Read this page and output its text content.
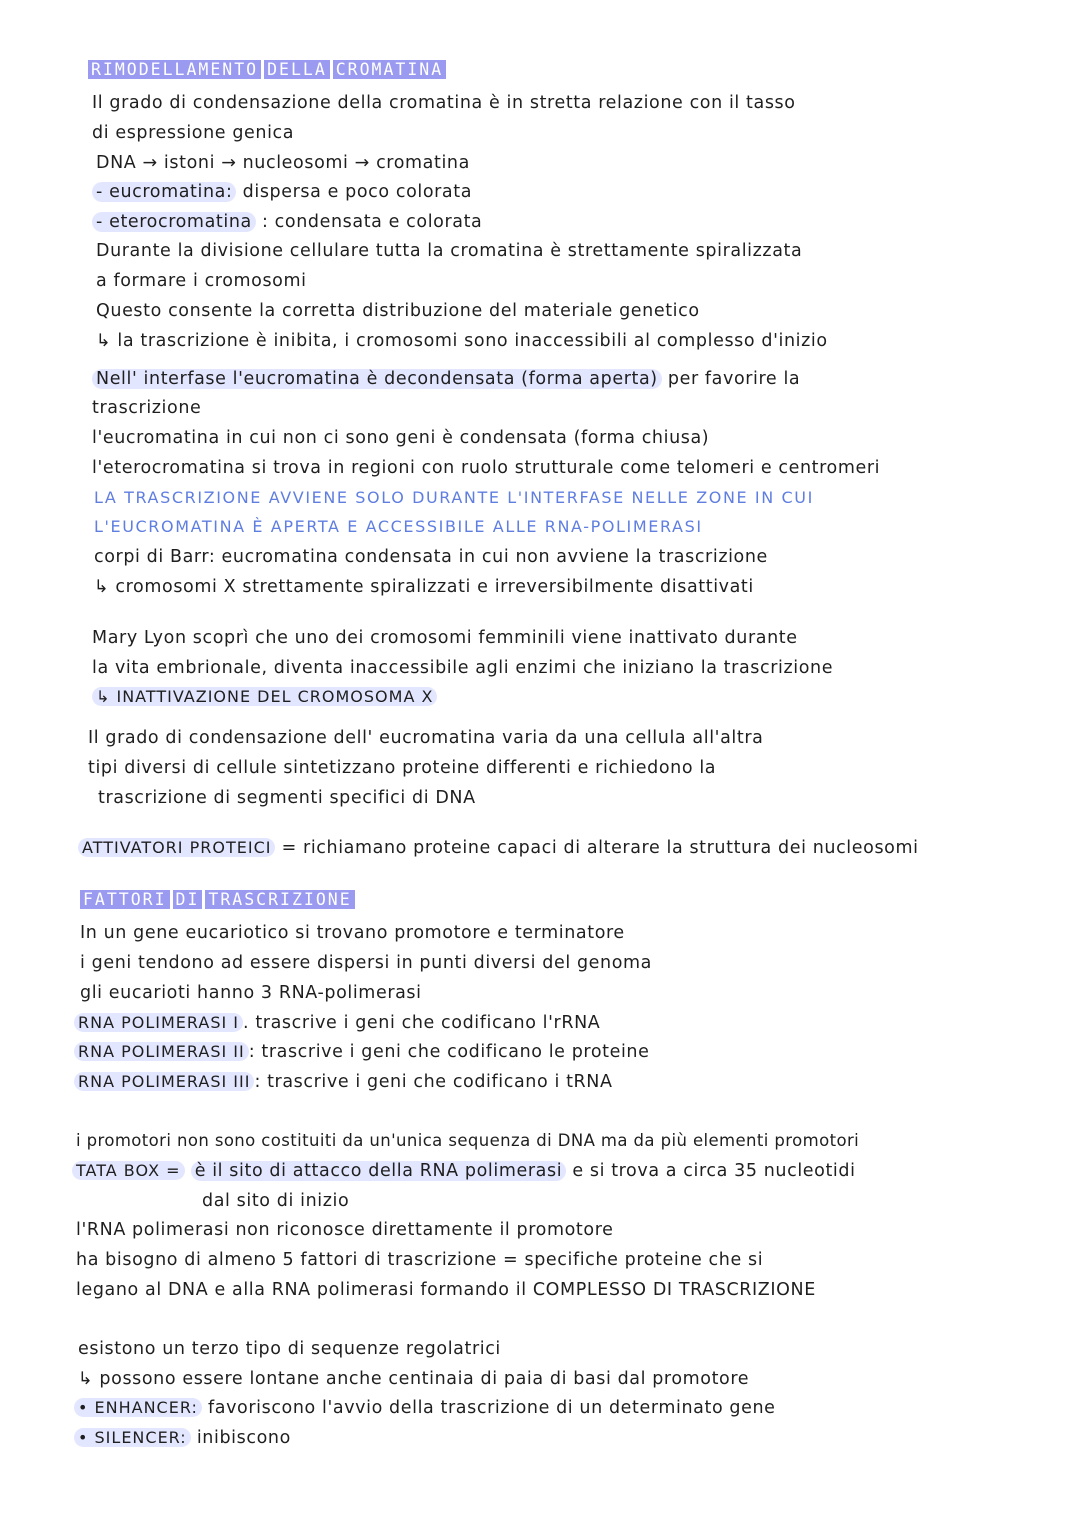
RIMODELLAMENTO DELLA CROMATINA
Il grado di condensazione della cromatina è in stretta relazione con il tasso
di espressione genica
DNA → istoni → nucleosomi → cromatina
- eucromatina: dispersa e poco colorata
- eterocromatina : condensata e colorata
Durante la divisione cellulare tutta la cromatina è strettamente spiralizzata
a formare i cromosomi
Questo consente la corretta distribuzione del materiale genetico
↳ la trascrizione è inibita, i cromosomi sono inaccessibili al complesso d'inizio
Nell' interfase l'eucromatina è decondensata (forma aperta) per favorire la
trascrizione
l'eucromatina in cui non ci sono geni è condensata (forma chiusa)
l'eterocromatina si trova in regioni con ruolo strutturale come telomeri e centromeri
LA TRASCRIZIONE AVVIENE SOLO DURANTE L'INTERFASE NELLE ZONE IN CUI
L'EUCROMATINA È APERTA E ACCESSIBILE ALLE RNA-POLIMERASI
corpi di Barr: eucromatina condensata in cui non avviene la trascrizione
↳ cromosomi X strettamente spiralizzati e irreversibilmente disattivati
Mary Lyon scoprì che uno dei cromosomi femminili viene inattivato durante
la vita embrionale, diventa inaccessibile agli enzimi che iniziano la trascrizione
↳ INATTIVAZIONE DEL CROMOSOMA X
Il grado di condensazione dell' eucromatina varia da una cellula all'altra
tipi diversi di cellule sintetizzano proteine differenti e richiedono la
trascrizione di segmenti specifici di DNA
ATTIVATORI PROTEICI = richiamano proteine capaci di alterare la struttura dei nucleosomi
FATTORI DI TRASCRIZIONE
In un gene eucariotico si trovano promotore e terminatore
i geni tendono ad essere dispersi in punti diversi del genoma
gli eucarioti hanno 3 RNA-polimerasi
RNA POLIMERASI I . trascrive i geni che codificano l'rRNA
RNA POLIMERASI II : trascrive i geni che codificano le proteine
RNA POLIMERASI III : trascrive i geni che codificano i tRNA
i promotori non sono costituiti da un'unica sequenza di DNA ma da più elementi promotori
TATA BOX = è il sito di attacco della RNA polimerasi e si trova a circa 35 nucleotidi
dal sito di inizio
l'RNA polimerasi non riconosce direttamente il promotore
ha bisogno di almeno 5 fattori di trascrizione = specifiche proteine che si
legano al DNA e alla RNA polimerasi formando il COMPLESSO DI TRASCRIZIONE
esistono un terzo tipo di sequenze regolatrici
↳ possono essere lontane anche centinaia di paia di basi dal promotore
• ENHANCER: favoriscono l'avvio della trascrizione di un determinato gene
• SILENCER: inibiscono
